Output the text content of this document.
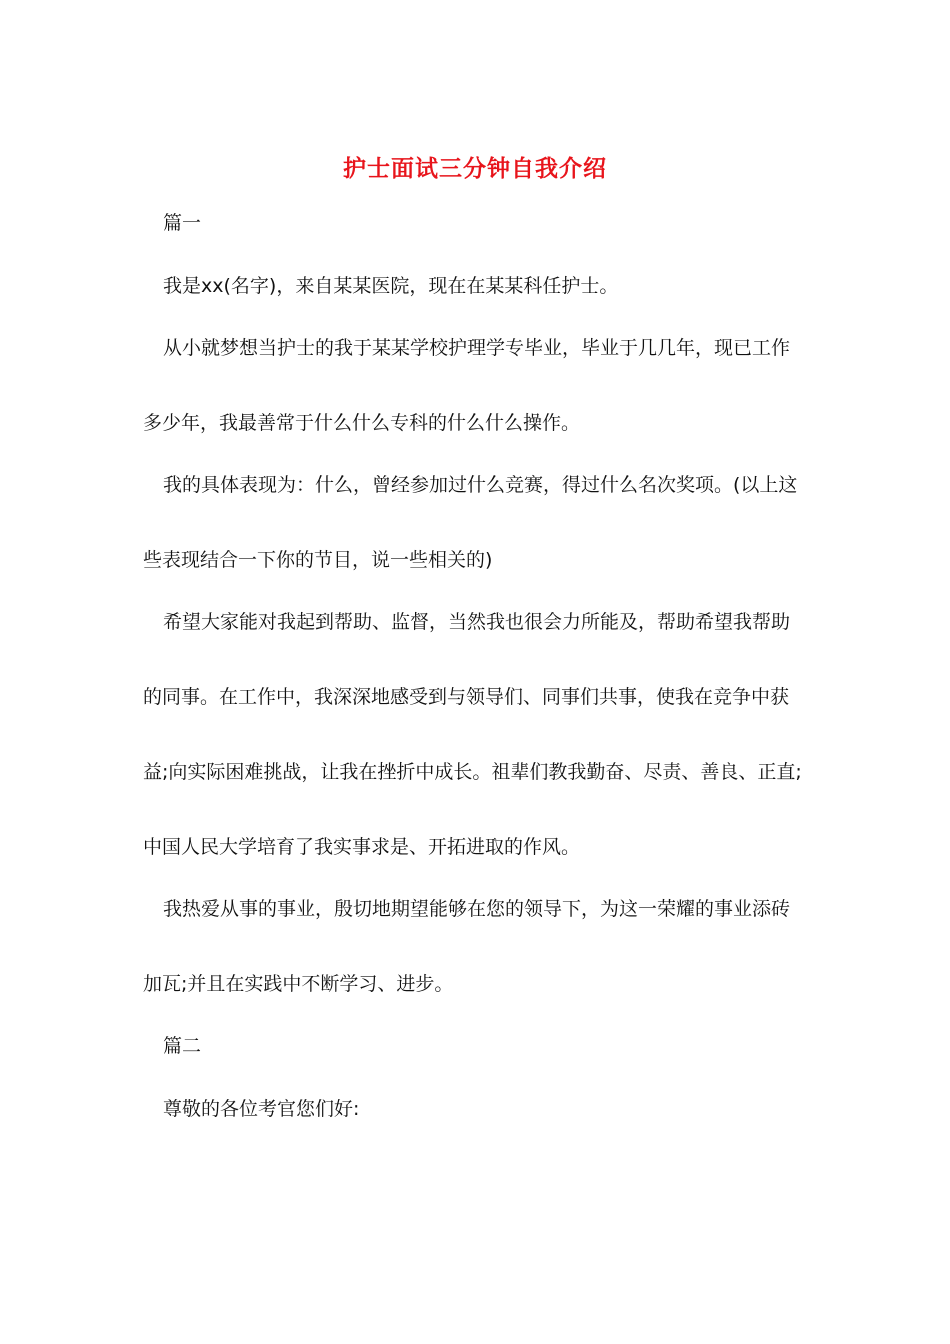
护士面试三分钟自我介绍

篇一

我是xx(名字)，来自某某医院，现在在某某科任护士。

从小就梦想当护士的我于某某学校护理学专毕业，毕业于几几年，现已工作

多少年，我最善常于什么什么专科的什么什么操作。

我的具体表现为：什么，曾经参加过什么竞赛，得过什么名次奖项。(以上这

些表现结合一下你的节目，说一些相关的)

希望大家能对我起到帮助、监督，当然我也很会力所能及，帮助希望我帮助

的同事。在工作中，我深深地感受到与领导们、同事们共事，使我在竞争中获

益;向实际困难挑战，让我在挫折中成长。祖辈们教我勤奋、尽责、善良、正直;

中国人民大学培育了我实事求是、开拓进取的作风。

我热爱从事的事业，殷切地期望能够在您的领导下，为这一荣耀的事业添砖

加瓦;并且在实践中不断学习、进步。

篇二

尊敬的各位考官您们好:
